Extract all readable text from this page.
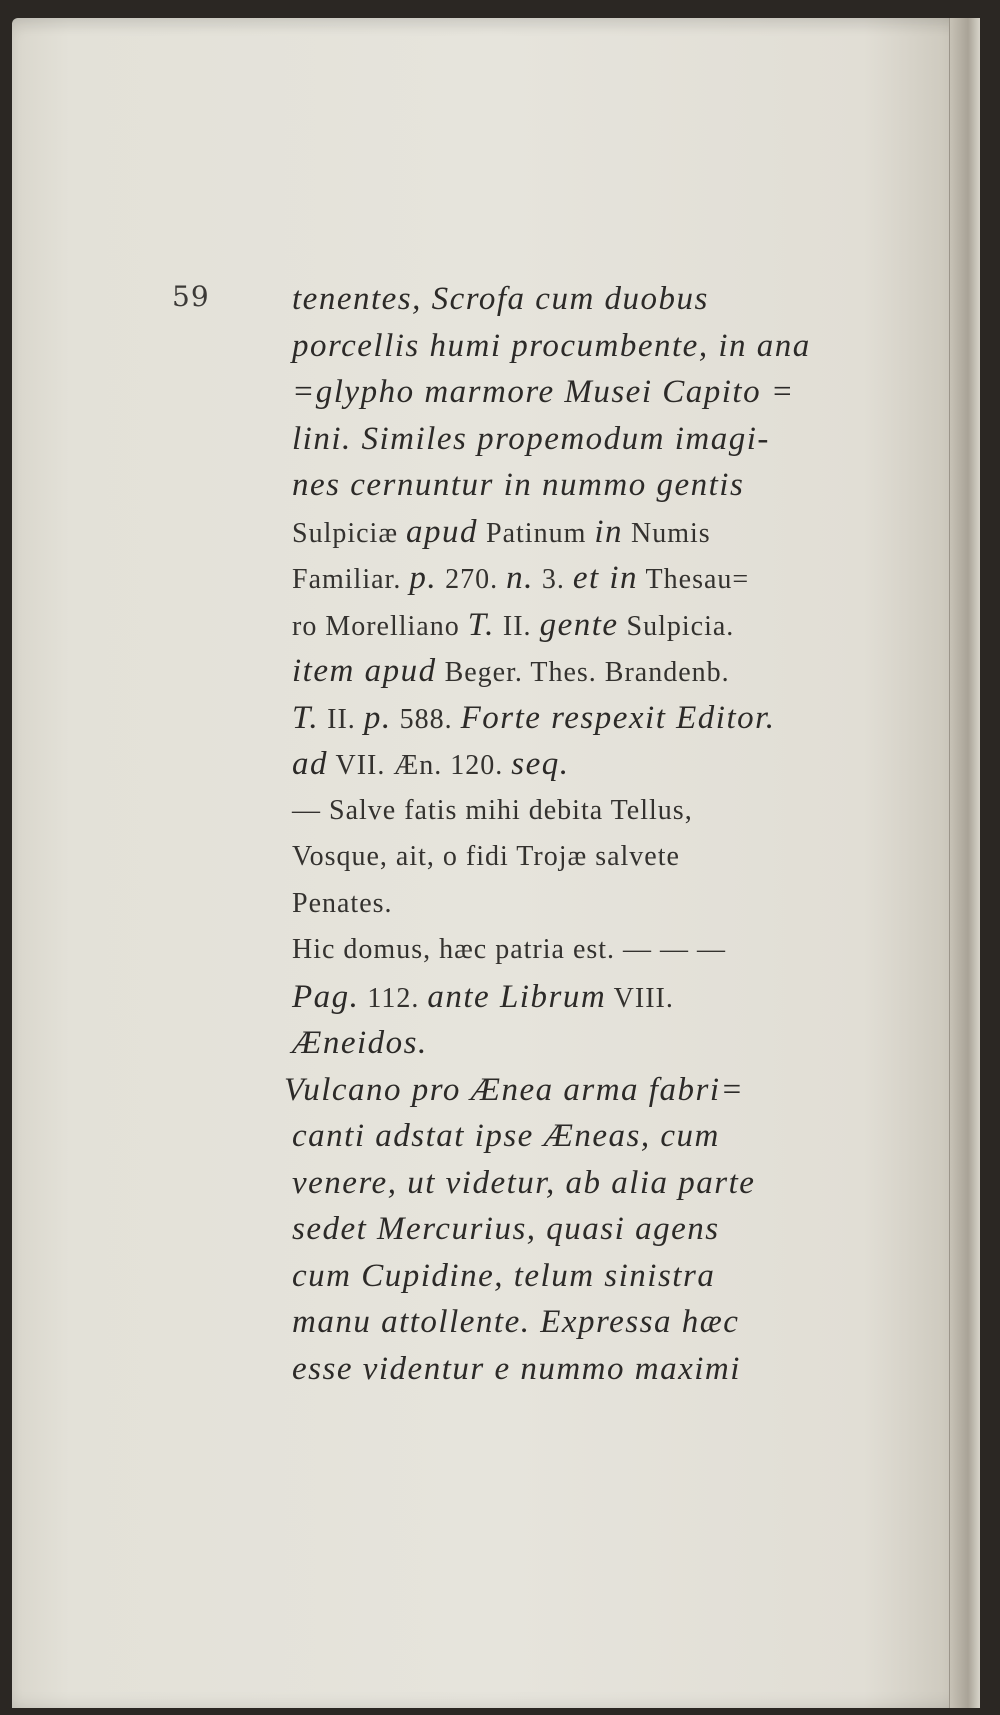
59 tenentes, Scrofa cum duobus
porcellis humi procumbente, in ana
=glypho marmore Musei Capito =
lini. Similes propemodum imagi-
nes cernuntur in nummo gentis
Sulpiciæ apud Patinum in Numis
Familiar. p. 270. n. 3. et in Thesau=
ro Morelliano T. II. gente Sulpicia.
item apud Beger. Thes. Brandenb.
T. II. p. 588. Forte respexit Editor.
ad VII. Æn. 120. seq.
— Salve fatis mihi debita Tellus,
Vosque, ait, o fidi Trojæ salvete
Penates.
Hic domus, hæc patria est. — — —
Pag. 112. ante Librum VIII.
Æneidos.
Vulcano pro Ænea arma fabri=
canti adstat ipse Æneas, cum
venere, ut videtur, ab alia parte
sedet Mercurius, quasi agens
cum Cupidine, telum sinistra
manu attollente. Expressa hæc
esse videntur e nummo maximi
